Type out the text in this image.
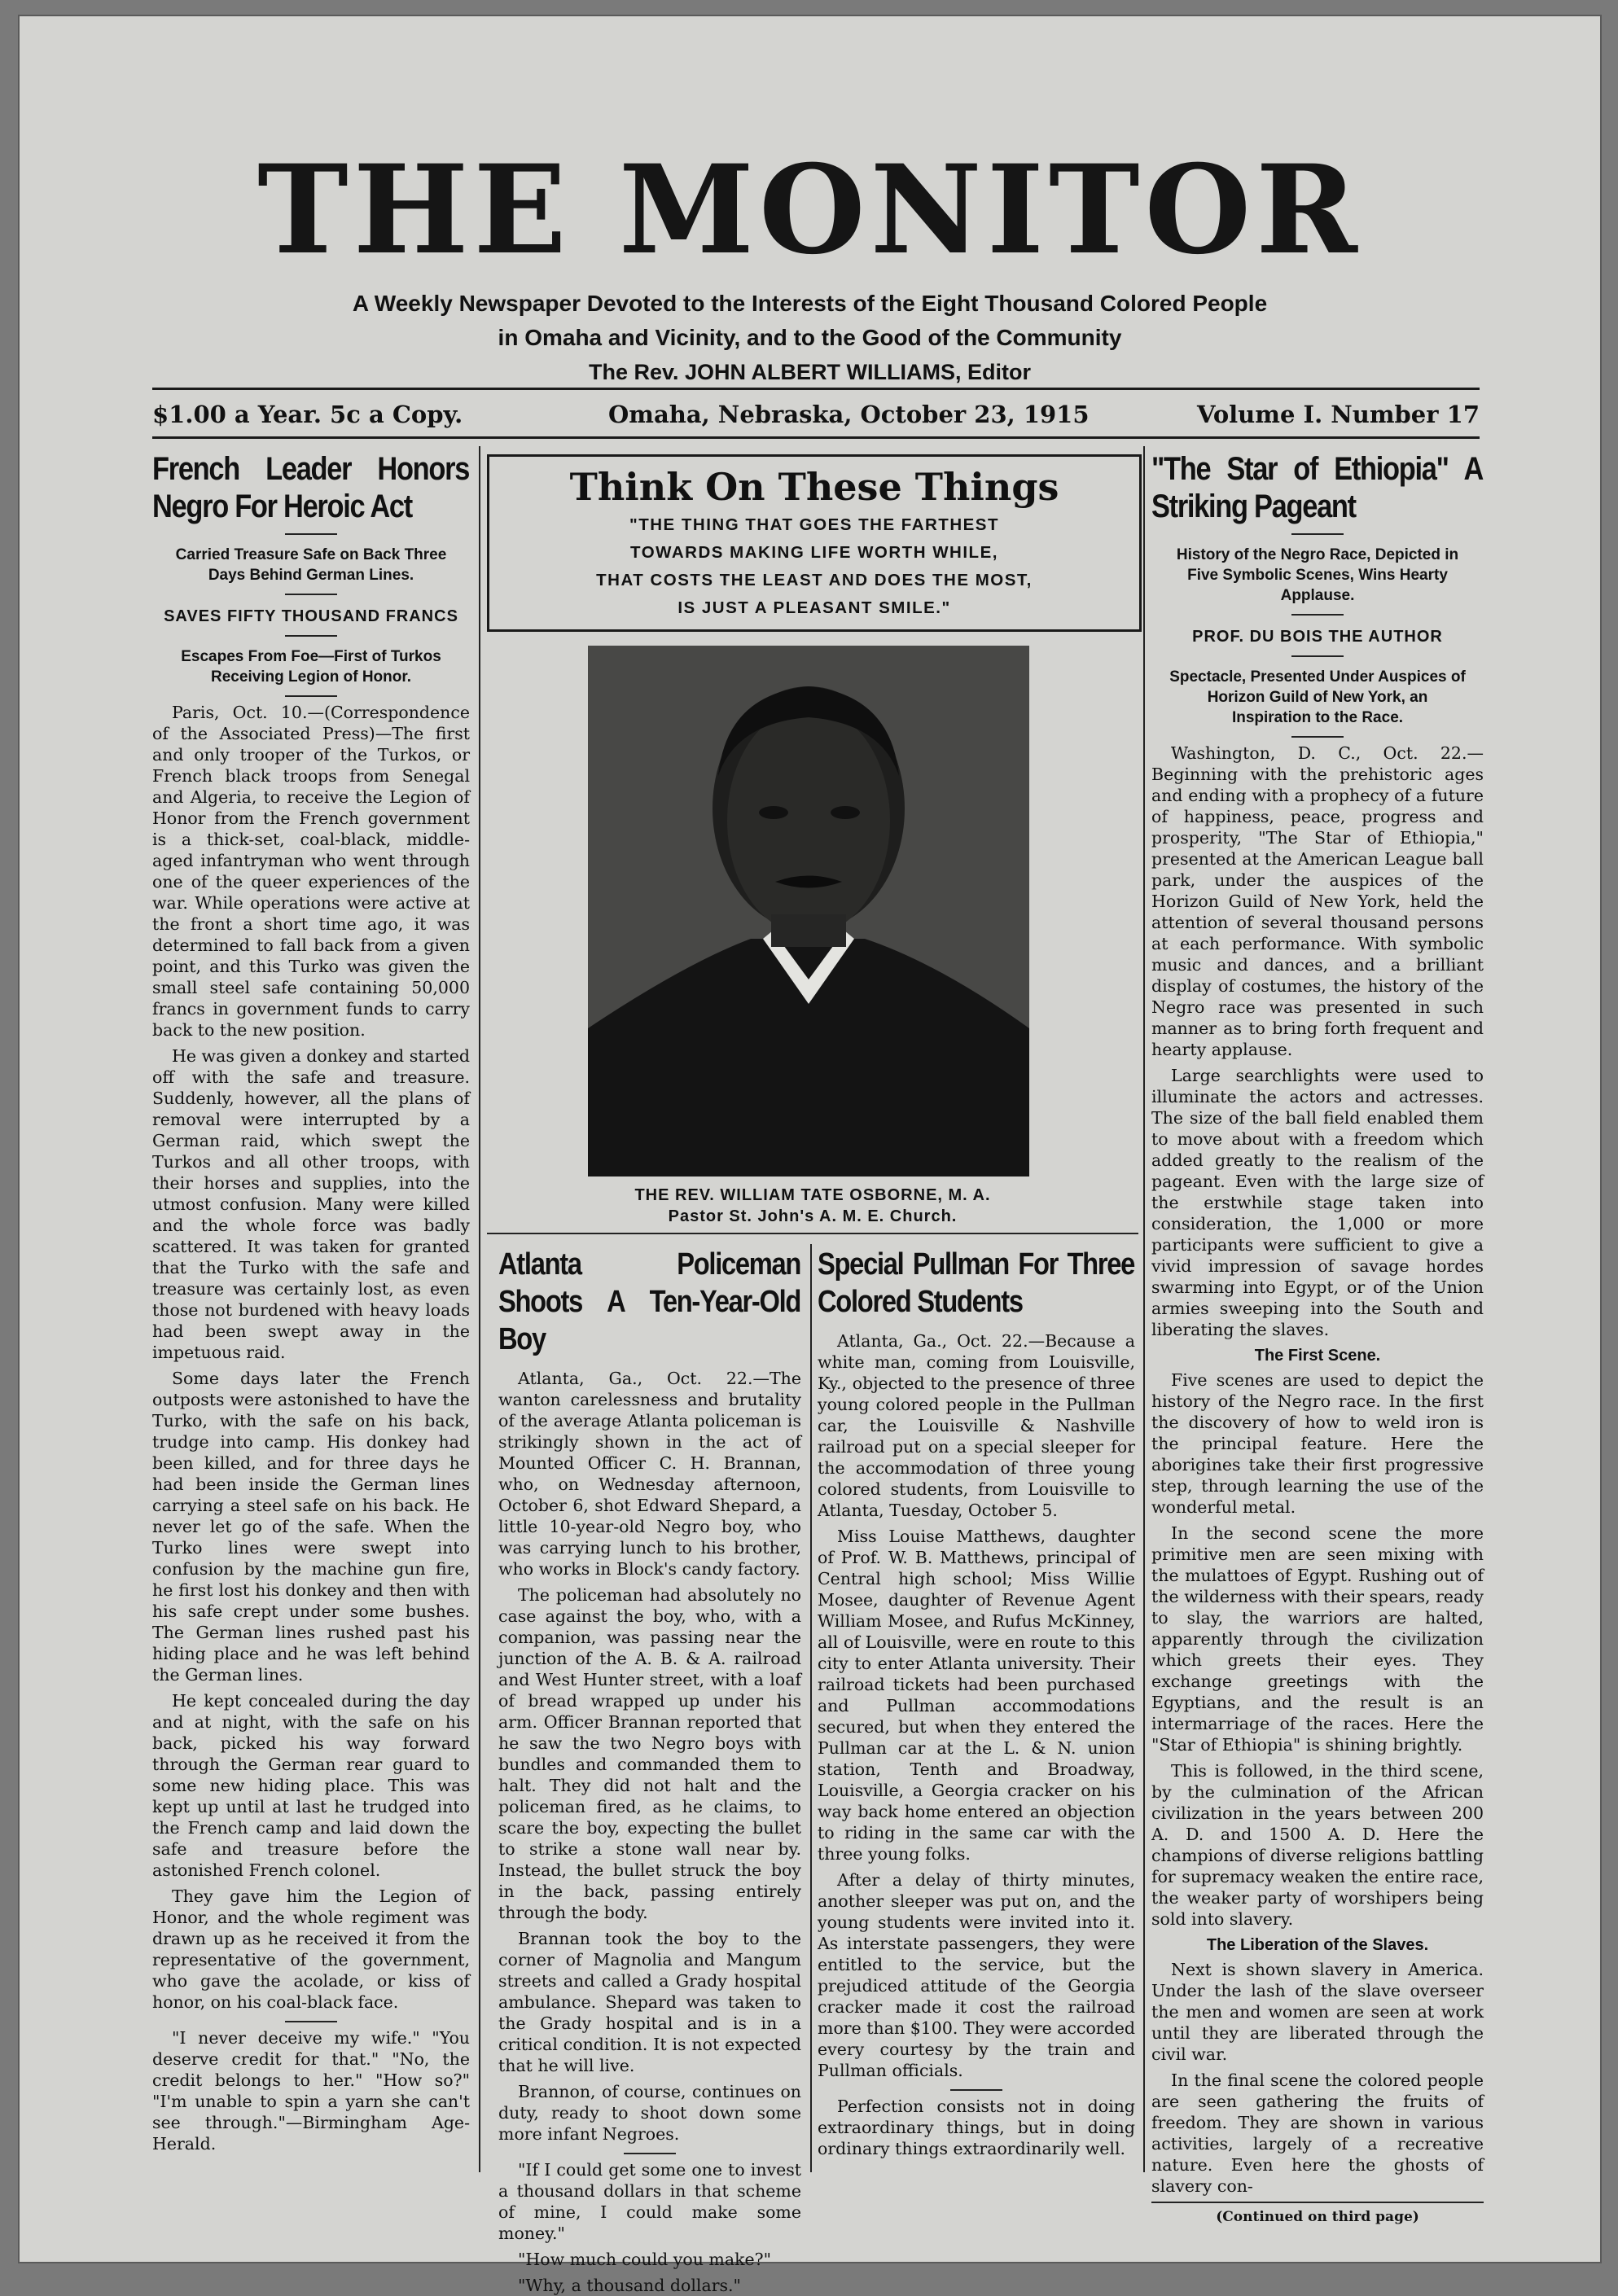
THE MONITOR
A Weekly Newspaper Devoted to the Interests of the Eight Thousand Colored People
in Omaha and Vicinity, and to the Good of the Community
The Rev. JOHN ALBERT WILLIAMS, Editor
$1.00 a Year. 5c a Copy.	Omaha, Nebraska, October 23, 1915	Volume I. Number 17
French Leader Honors Negro For Heroic Act
Carried Treasure Safe on Back Three Days Behind German Lines.
SAVES FIFTY THOUSAND FRANCS
Escapes From Foe—First of Turkos Receiving Legion of Honor.

Paris, Oct. 10.—(Correspondence of the Associated Press)—The first and only trooper of the Turkos, or French black troops from Senegal and Algeria, to receive the Legion of Honor from the French government is a thick-set, coal-black, middle-aged infantryman who went through one of the queer experiences of the war. While operations were active at the front a short time ago, it was determined to fall back from a given point, and this Turko was given the small steel safe containing 50,000 francs in government funds to carry back to the new position.

He was given a donkey and started off with the safe and treasure. Suddenly, however, all the plans of removal were interrupted by a German raid, which swept the Turkos and all other troops, with their horses and supplies, into the utmost confusion. Many were killed and the whole force was badly scattered. It was taken for granted that the Turko with the safe and treasure was certainly lost, as even those not burdened with heavy loads had been swept away in the impetuous raid.

Some days later the French outposts were astonished to have the Turko, with the safe on his back, trudge into camp. His donkey had been killed, and for three days he had been inside the German lines carrying a steel safe on his back. He never let go of the safe. When the Turko lines were swept into confusion by the machine gun fire, he first lost his donkey and then with his safe crept under some bushes. The German lines rushed past his hiding place and he was left behind the German lines.

He kept concealed during the day and at night, with the safe on his back, picked his way forward through the German rear guard to some new hiding place. This was kept up until at last he trudged into the French camp and laid down the safe and treasure before the astonished French colonel.

They gave him the Legion of Honor, and the whole regiment was drawn up as he received it from the representative of the government, who gave the acolade, or kiss of honor, on his coal-black face.

"I never deceive my wife." "You deserve credit for that." "No, the credit belongs to her." "How so?" "I'm unable to spin a yarn she can't see through."—Birmingham Age-Herald.

Think On These Things
"THE THING THAT GOES THE FARTHEST
TOWARDS MAKING LIFE WORTH WHILE,
THAT COSTS THE LEAST AND DOES THE MOST,
IS JUST A PLEASANT SMILE."
THE REV. WILLIAM TATE OSBORNE, M. A.
Pastor St. John's A. M. E. Church.
Atlanta Policeman Shoots A Ten-Year-Old Boy

Atlanta, Ga., Oct. 22.—The wanton carelessness and brutality of the average Atlanta policeman is strikingly shown in the act of Mounted Officer C. H. Brannan, who, on Wednesday afternoon, October 6, shot Edward Shepard, a little 10-year-old Negro boy, who was carrying lunch to his brother, who works in Block's candy factory.

The policeman had absolutely no case against the boy, who, with a companion, was passing near the junction of the A. B. & A. railroad and West Hunter street, with a loaf of bread wrapped up under his arm. Officer Brannan reported that he saw the two Negro boys with bundles and commanded them to halt. They did not halt and the policeman fired, as he claims, to scare the boy, expecting the bullet to strike a stone wall near by. Instead, the bullet struck the boy in the back, passing entirely through the body.

Brannan took the boy to the corner of Magnolia and Mangum streets and called a Grady hospital ambulance. Shepard was taken to the Grady hospital and is in a critical condition. It is not expected that he will live.

Brannon, of course, continues on duty, ready to shoot down some more infant Negroes.

"If I could get some one to invest a thousand dollars in that scheme of mine, I could make some money."

"How much could you make?"

"Why, a thousand dollars."

Special Pullman For Three Colored Students

Atlanta, Ga., Oct. 22.—Because a white man, coming from Louisville, Ky., objected to the presence of three young colored people in the Pullman car, the Louisville & Nashville railroad put on a special sleeper for the accommodation of three young colored students, from Louisville to Atlanta, Tuesday, October 5.

Miss Louise Matthews, daughter of Prof. W. B. Matthews, principal of Central high school; Miss Willie Mosee, daughter of Revenue Agent William Mosee, and Rufus McKinney, all of Louisville, were en route to this city to enter Atlanta university. Their railroad tickets had been purchased and Pullman accommodations secured, but when they entered the Pullman car at the L. & N. union station, Tenth and Broadway, Louisville, a Georgia cracker on his way back home entered an objection to riding in the same car with the three young folks.

After a delay of thirty minutes, another sleeper was put on, and the young students were invited into it. As interstate passengers, they were entitled to the service, but the prejudiced attitude of the Georgia cracker made it cost the railroad more than $100. They were accorded every courtesy by the train and Pullman officials.

Perfection consists not in doing extraordinary things, but in doing ordinary things extraordinarily well.

"The Star of Ethiopia" A Striking Pageant
History of the Negro Race, Depicted in Five Symbolic Scenes, Wins Hearty Applause.
PROF. DU BOIS THE AUTHOR
Spectacle, Presented Under Auspices of Horizon Guild of New York, an Inspiration to the Race.

Washington, D. C., Oct. 22.—Beginning with the prehistoric ages and ending with a prophecy of a future of happiness, peace, progress and prosperity, "The Star of Ethiopia," presented at the American League ball park, under the auspices of the Horizon Guild of New York, held the attention of several thousand persons at each performance. With symbolic music and dances, and a brilliant display of costumes, the history of the Negro race was presented in such manner as to bring forth frequent and hearty applause.

Large searchlights were used to illuminate the actors and actresses. The size of the ball field enabled them to move about with a freedom which added greatly to the realism of the pageant. Even with the large size of the erstwhile stage taken into consideration, the 1,000 or more participants were sufficient to give a vivid impression of savage hordes swarming into Egypt, or of the Union armies sweeping into the South and liberating the slaves.

The First Scene.

Five scenes are used to depict the history of the Negro race. In the first the discovery of how to weld iron is the principal feature. Here the aborigines take their first progressive step, through learning the use of the wonderful metal.

In the second scene the more primitive men are seen mixing with the mulattoes of Egypt. Rushing out of the wilderness with their spears, ready to slay, the warriors are halted, apparently through the civilization which greets their eyes. They exchange greetings with the Egyptians, and the result is an intermarriage of the races. Here the "Star of Ethiopia" is shining brightly.

This is followed, in the third scene, by the culmination of the African civilization in the years between 200 A. D. and 1500 A. D. Here the champions of diverse religions battling for supremacy weaken the entire race, the weaker party of worshipers being sold into slavery.

The Liberation of the Slaves.

Next is shown slavery in America. Under the lash of the slave overseer the men and women are seen at work until they are liberated through the civil war.

In the final scene the colored people are seen gathering the fruits of freedom. They are shown in various activities, largely of a recreative nature. Even here the ghosts of slavery con-

(Continued on third page)
